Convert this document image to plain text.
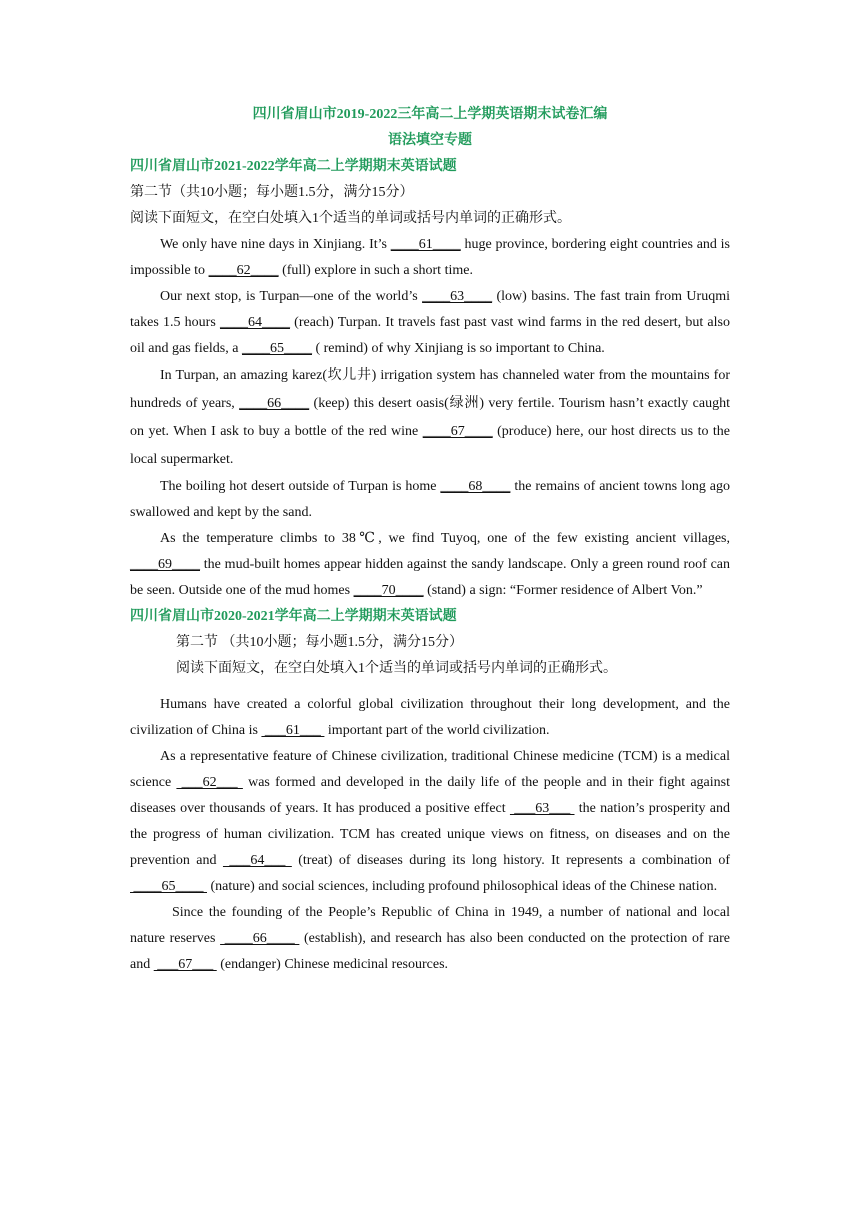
四川省眉山市2019-2022三年高二上学期英语期末试卷汇编
语法填空专题
四川省眉山市2021-2022学年高二上学期期末英语试题
第二节（共10小题；每小题1.5分，满分15分）
阅读下面短文，在空白处填入1个适当的单词或括号内单词的正确形式。

We only have nine days in Xinjiang. It’s ____61____ huge province, bordering eight countries and is impossible to ____62____ (full) explore in such a short time.

Our next stop, is Turpan—one of the world’s ____63____ (low) basins. The fast train from Uruqmi takes 1.5 hours ____64____ (reach) Turpan. It travels fast past vast wind farms in the red desert, but also oil and gas fields, a ____65____ ( remind) of why Xinjiang is so important to China.

In Turpan, an amazing karez(坎儿井) irrigation system has channeled water from the mountains for hundreds of years, ____66____ (keep) this desert oasis(绿洲) very fertile. Tourism hasn’t exactly caught on yet. When I ask to buy a bottle of the red wine ____67____ (produce) here, our host directs us to the local supermarket.

The boiling hot desert outside of Turpan is home ____68____ the remains of ancient towns long ago swallowed and kept by the sand.

As the temperature climbs to 38℃, we find Tuyoq, one of the few existing ancient villages, ____69____ the mud-built homes appear hidden against the sandy landscape. Only a green round roof can be seen. Outside one of the mud homes ____70____ (stand) a sign: “Former residence of Albert Von.”

四川省眉山市2020-2021学年高二上学期期末英语试题
第二节 （共10小题；每小题1.5分，满分15分）
阅读下面短文，在空白处填入1个适当的单词或括号内单词的正确形式。

Humans have created a colorful global civilization throughout their long development, and the civilization of China is  ___61___  important part of the world civilization.

As a representative feature of Chinese civilization, traditional Chinese medicine (TCM) is a medical science  ___62___  was formed and developed in the daily life of the people and in their fight against diseases over thousands of years. It has produced a positive effect  ___63___  the nation’s prosperity and the progress of human civilization. TCM has created unique views on fitness, on diseases and on the prevention and  ___64___  (treat) of diseases during its long history. It represents a combination of  ____65____  (nature) and social sciences, including profound philosophical ideas of the Chinese nation.

Since the founding of the People’s Republic of China in 1949, a number of national and local nature reserves  ____66____  (establish), and research has also been conducted on the protection of rare and  ___67___  (endanger) Chinese medicinal resources.
